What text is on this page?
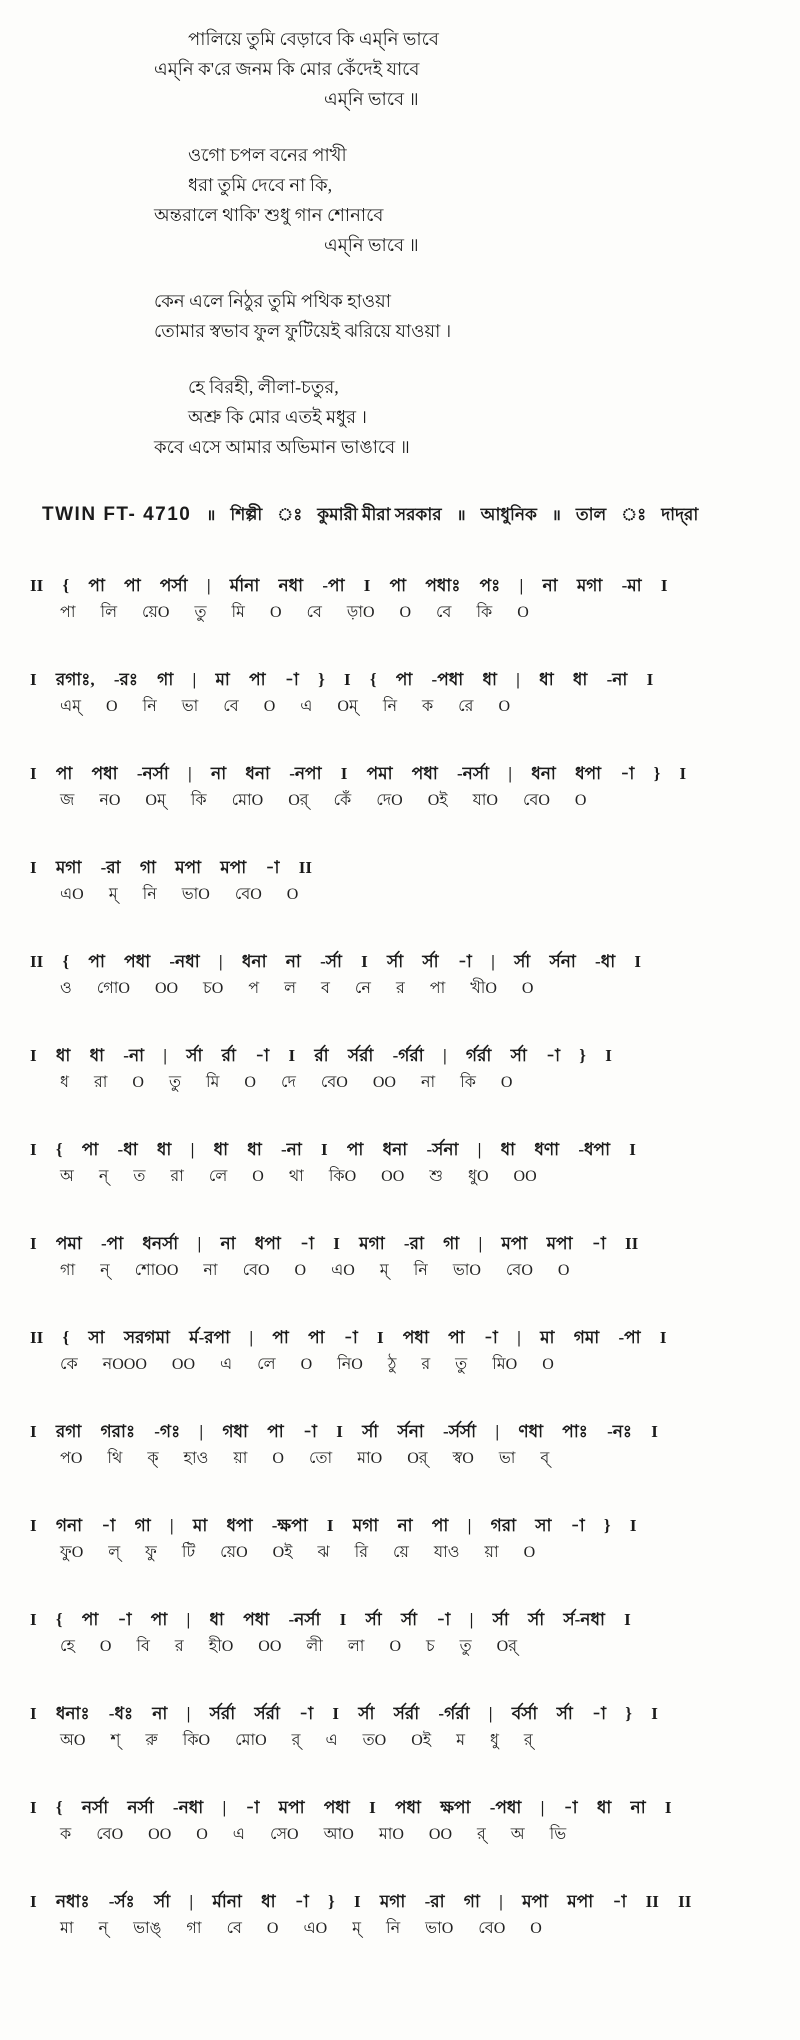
পালিয়ে তুমি বেড়াবে কি এম্‌নি ভাবে

এম্‌নি ক'রে জনম কি মোর কেঁদেই যাবে

এম্‌নি ভাবে ॥

ওগো চপল বনের পাখী

ধরা তুমি দেবে না কি,

অন্তরালে থাকি' শুধু গান শোনাবে

এম্‌নি ভাবে ॥

কেন এলে নিঠুর তুমি পথিক হাওয়া

তোমার স্বভাব ফুল ফুটিয়েই ঝরিয়ে যাওয়া ।

হে বিরহী, লীলা-চতুর,

অশ্রু কি মোর এতই মধুর ।

কবে এসে আমার অভিমান ভাঙাবে ॥

TWIN FT- 4710 ॥ শিল্পী ঃ কুমারী মীরা সরকার ॥ আধুনিক ॥ তাল ঃ দাদ্‌রা
II { পা পা পর্সা | র্মানা নধা -পা I পা পধাঃ পঃ | না মগা -মা I
পা লি য়েO তু মি O বে ড়াO O বে কি O
I রগাঃ, -রঃ গা | মা পা -া } I { পা -পধা ধা | ধা ধা -না I
এম্ O নি ভা বে O এ Oম্ নি ক রে O
I পা পধা -নর্সা | না ধনা -নপা I পমা পধা -নর্সা | ধনা ধপা -া } I
জ নO Oম্ কি মোO Oর্ কেঁ দেO Oই যাO বেO O
I মগা -রা গা মপা মপা -া II
এO ম্ নি ভাO বেO O
II { পা পধা -নধা | ধনা না -র্সা I র্সা র্সা -া | র্সা র্সনা -ধা I
ও গোO OO চO প ল ব নে র পা খীO O
I ধা ধা -না | র্সা র্রা -া I র্রা র্সর্রা -র্গর্রা | র্গর্রা র্সা -া } I
ধ রা O তু মি O দে বেO OO না কি O
I { পা -ধা ধা | ধা ধা -না I পা ধনা -র্সনা | ধা ধণা -ধপা I
অ ন্ ত রা লে O থা কিO OO শু ধুO OO
I পমা -পা ধনর্সা | না ধপা -া I মগা -রা গা | মপা মপা -া II
গা ন্ শোOO না বেO O এO ম্ নি ভাO বেO O
II { সা সরগমা র্ম-রপা | পা পা -া I পধা পা -া | মা গমা -পা I
কে নOOO OO এ লে O নিO ঠু র তু মিO O
I রগা গরাঃ -গঃ | গধা পা -া I র্সা র্সনা -র্সর্সা | ণধা পাঃ -নঃ I
পO থি ক্ হাও য়া O তো মাO Oর্ স্বO ভা ব্
I গনা -া গা | মা ধপা -ক্ষপা I মগা না পা | গরা সা -া } I
ফুO ল্ ফু টি য়েO Oই ঝ রি য়ে যাও য়া O
I { পা -া পা | ধা পধা -নর্সা I র্সা র্সা -া | র্সা র্সা র্স-নধা I
হে O বি র হীO OO লী লা O চ তু Oর্
I ধনাঃ -ধঃ না | র্সর্রা র্সর্রা -া I র্সা র্সর্রা -র্গর্রা | র্বর্সা র্সা -া } I
অO শ্ রু কিO মোO র্ এ তO Oই ম ধু র্
I { নর্সা নর্সা -নধা | -া মপা পধা I পধা ক্ষপা -পধা | -া ধা না I
ক বেO OO O এ সেO আO মাO OO র্ অ ভি
I নধাঃ -র্সঃ র্সা | র্মানা ধা -া } I মগা -রা গা | মপা মপা -া II II
মা ন্ ভাঙ্ গা বে O এO ম্ নি ভাO বেO O
